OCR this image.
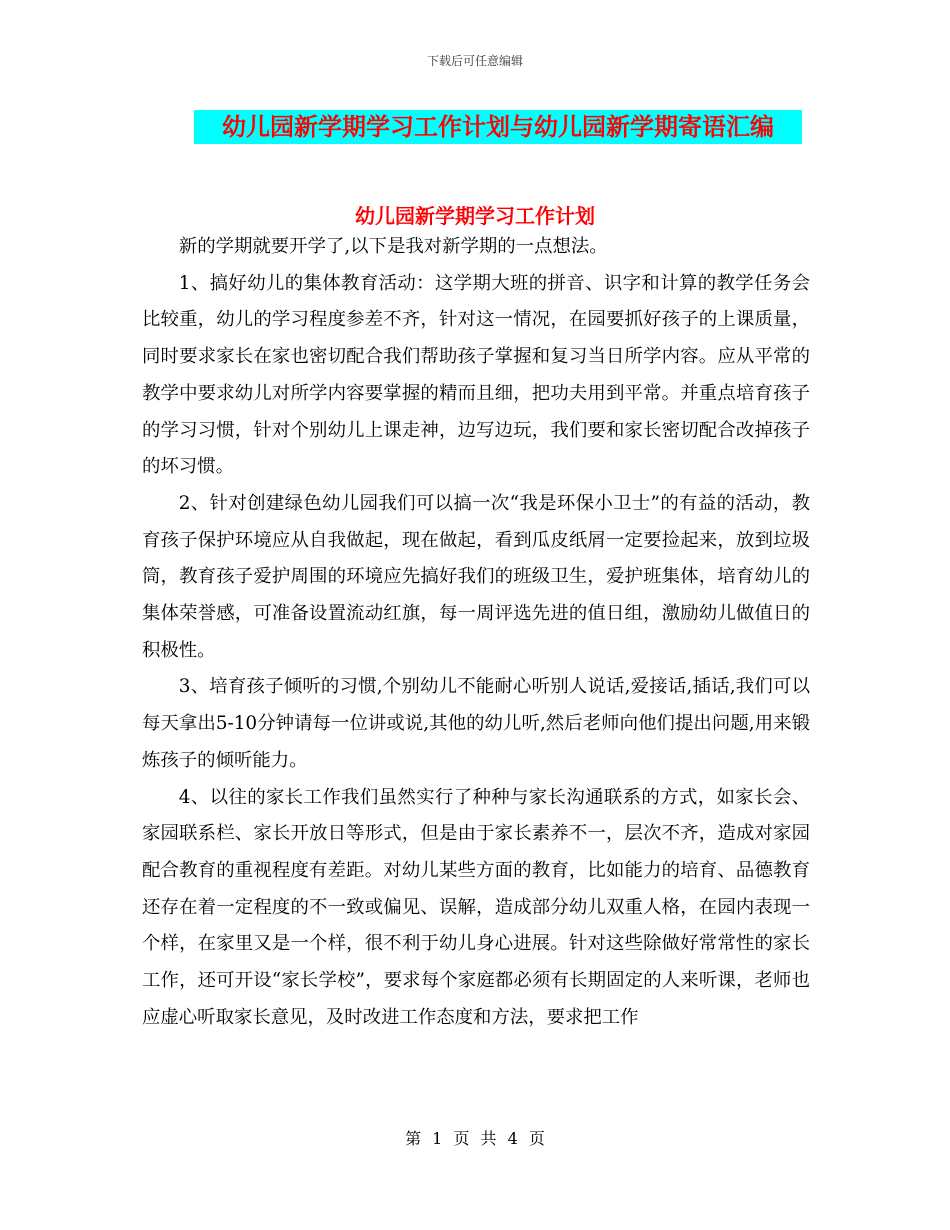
下载后可任意编辑
幼儿园新学期学习工作计划与幼儿园新学期寄语汇编
幼儿园新学期学习工作计划

新的学期就要开学了,以下是我对新学期的一点想法。

1、搞好幼儿的集体教育活动：这学期大班的拼音、识字和计算的教学任务会比较重，幼儿的学习程度参差不齐，针对这一情况，在园要抓好孩子的上课质量，同时要求家长在家也密切配合我们帮助孩子掌握和复习当日所学内容。应从平常的教学中要求幼儿对所学内容要掌握的精而且细，把功夫用到平常。并重点培育孩子的学习习惯，针对个别幼儿上课走神，边写边玩，我们要和家长密切配合改掉孩子的坏习惯。

2、针对创建绿色幼儿园我们可以搞一次“我是环保小卫士”的有益的活动，教育孩子保护环境应从自我做起，现在做起，看到瓜皮纸屑一定要捡起来，放到垃圾筒，教育孩子爱护周围的环境应先搞好我们的班级卫生，爱护班集体，培育幼儿的集体荣誉感，可准备设置流动红旗，每一周评选先进的值日组，激励幼儿做值日的积极性。

3、培育孩子倾听的习惯,个别幼儿不能耐心听别人说话,爱接话,插话,我们可以每天拿出5-10分钟请每一位讲或说,其他的幼儿听,然后老师向他们提出问题,用来锻炼孩子的倾听能力。

4、以往的家长工作我们虽然实行了种种与家长沟通联系的方式，如家长会、家园联系栏、家长开放日等形式，但是由于家长素养不一，层次不齐，造成对家园配合教育的重视程度有差距。对幼儿某些方面的教育，比如能力的培育、品德教育还存在着一定程度的不一致或偏见、误解，造成部分幼儿双重人格，在园内表现一个样，在家里又是一个样，很不利于幼儿身心进展。针对这些除做好常常性的家长工作，还可开设“家长学校”，要求每个家庭都必须有长期固定的人来听课，老师也应虚心听取家长意见，及时改进工作态度和方法，要求把工作

第 1 页 共 4 页
